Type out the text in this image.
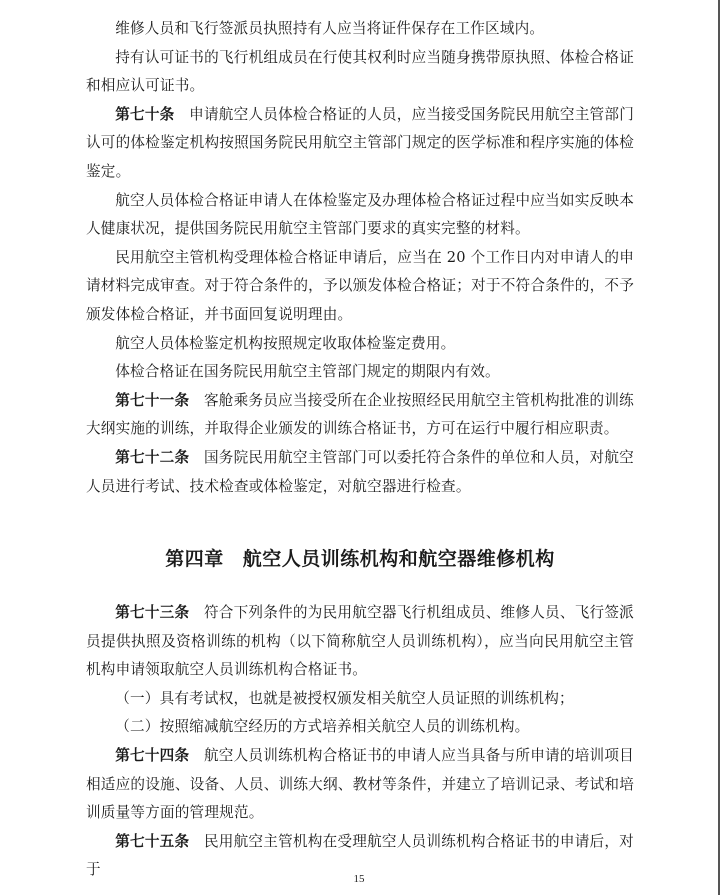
维修人员和飞行签派员执照持有人应当将证件保存在工作区域内。

持有认可证书的飞行机组成员在行使其权利时应当随身携带原执照、体检合格证和相应认可证书。

第七十条 申请航空人员体检合格证的人员，应当接受国务院民用航空主管部门认可的体检鉴定机构按照国务院民用航空主管部门规定的医学标准和程序实施的体检鉴定。

航空人员体检合格证申请人在体检鉴定及办理体检合格证过程中应当如实反映本人健康状况，提供国务院民用航空主管部门要求的真实完整的材料。

民用航空主管机构受理体检合格证申请后，应当在 20 个工作日内对申请人的申请材料完成审查。对于符合条件的，予以颁发体检合格证；对于不符合条件的，不予颁发体检合格证，并书面回复说明理由。

航空人员体检鉴定机构按照规定收取体检鉴定费用。

体检合格证在国务院民用航空主管部门规定的期限内有效。

第七十一条 客舱乘务员应当接受所在企业按照经民用航空主管机构批准的训练大纲实施的训练，并取得企业颁发的训练合格证书，方可在运行中履行相应职责。

第七十二条 国务院民用航空主管部门可以委托符合条件的单位和人员，对航空人员进行考试、技术检查或体检鉴定，对航空器进行检查。

第四章 航空人员训练机构和航空器维修机构

第七十三条 符合下列条件的为民用航空器飞行机组成员、维修人员、飞行签派员提供执照及资格训练的机构（以下简称航空人员训练机构），应当向民用航空主管机构申请领取航空人员训练机构合格证书。

（一）具有考试权，也就是被授权颁发相关航空人员证照的训练机构；

（二）按照缩减航空经历的方式培养相关航空人员的训练机构。

第七十四条 航空人员训练机构合格证书的申请人应当具备与所申请的培训项目相适应的设施、设备、人员、训练大纲、教材等条件，并建立了培训记录、考试和培训质量等方面的管理规范。

第七十五条 民用航空主管机构在受理航空人员训练机构合格证书的申请后，对于

15
